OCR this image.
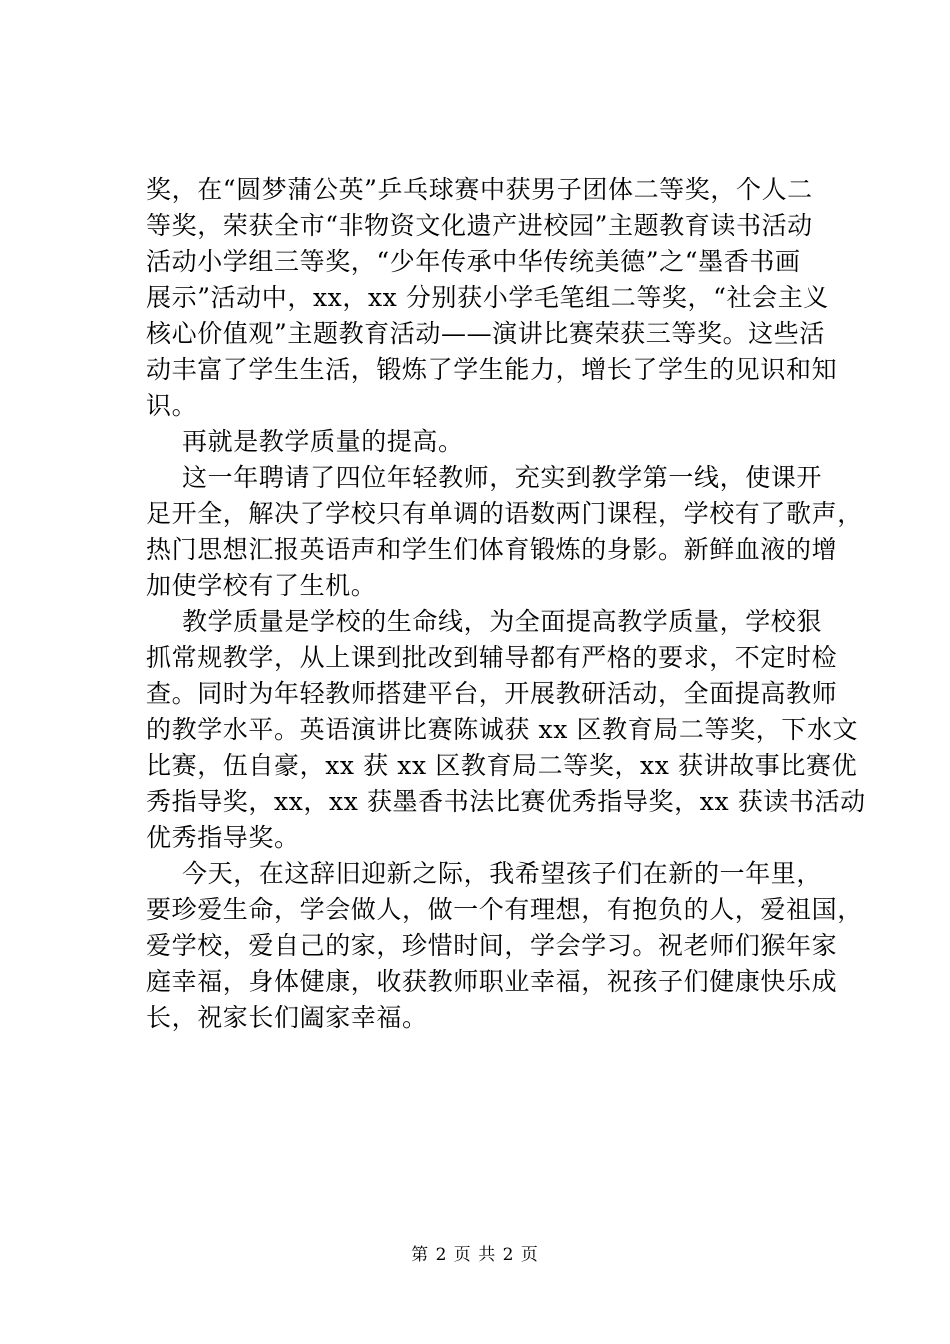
奖，在“圆梦蒲公英”乒乓球赛中获男子团体二等奖，个人二
等奖，荣获全市“非物资文化遗产进校园”主题教育读书活动
活动小学组三等奖，“少年传承中华传统美德”之“墨香书画
展示”活动中，xx，xx 分别获小学毛笔组二等奖，“社会主义
核心价值观”主题教育活动——演讲比赛荣获三等奖。这些活
动丰富了学生生活，锻炼了学生能力，增长了学生的见识和知
识。
再就是教学质量的提高。
这一年聘请了四位年轻教师，充实到教学第一线，使课开
足开全，解决了学校只有单调的语数两门课程，学校有了歌声，
热门思想汇报英语声和学生们体育锻炼的身影。新鲜血液的增
加使学校有了生机。
教学质量是学校的生命线，为全面提高教学质量，学校狠
抓常规教学，从上课到批改到辅导都有严格的要求，不定时检
查。同时为年轻教师搭建平台，开展教研活动，全面提高教师
的教学水平。英语演讲比赛陈诚获 xx 区教育局二等奖，下水文
比赛，伍自豪，xx 获 xx 区教育局二等奖，xx 获讲故事比赛优
秀指导奖，xx，xx 获墨香书法比赛优秀指导奖，xx 获读书活动
优秀指导奖。
今天，在这辞旧迎新之际，我希望孩子们在新的一年里，
要珍爱生命，学会做人，做一个有理想，有抱负的人，爱祖国，
爱学校，爱自己的家，珍惜时间，学会学习。祝老师们猴年家
庭幸福，身体健康，收获教师职业幸福，祝孩子们健康快乐成
长，祝家长们阖家幸福。
第 2 页 共 2 页
